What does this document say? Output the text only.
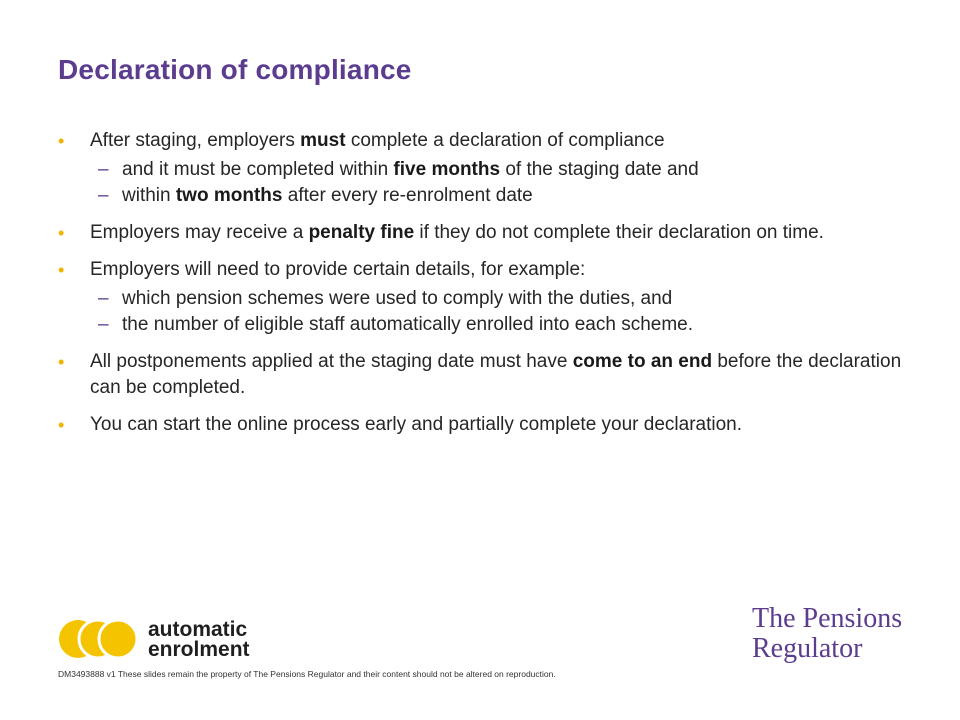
Declaration of compliance
• After staging, employers must complete a declaration of compliance
– and it must be completed within five months of the staging date and
– within two months after every re-enrolment date
• Employers may receive a penalty fine if they do not complete their declaration on time.
• Employers will need to provide certain details, for example:
– which pension schemes were used to comply with the duties, and
– the number of eligible staff automatically enrolled into each scheme.
• All postponements applied at the staging date must have come to an end before the declaration can be completed.
• You can start the online process early and partially complete your declaration.
automatic
enrolment
DM3493888 v1 These slides remain the property of The Pensions Regulator and their content should not be altered on reproduction.
The Pensions
Regulator
